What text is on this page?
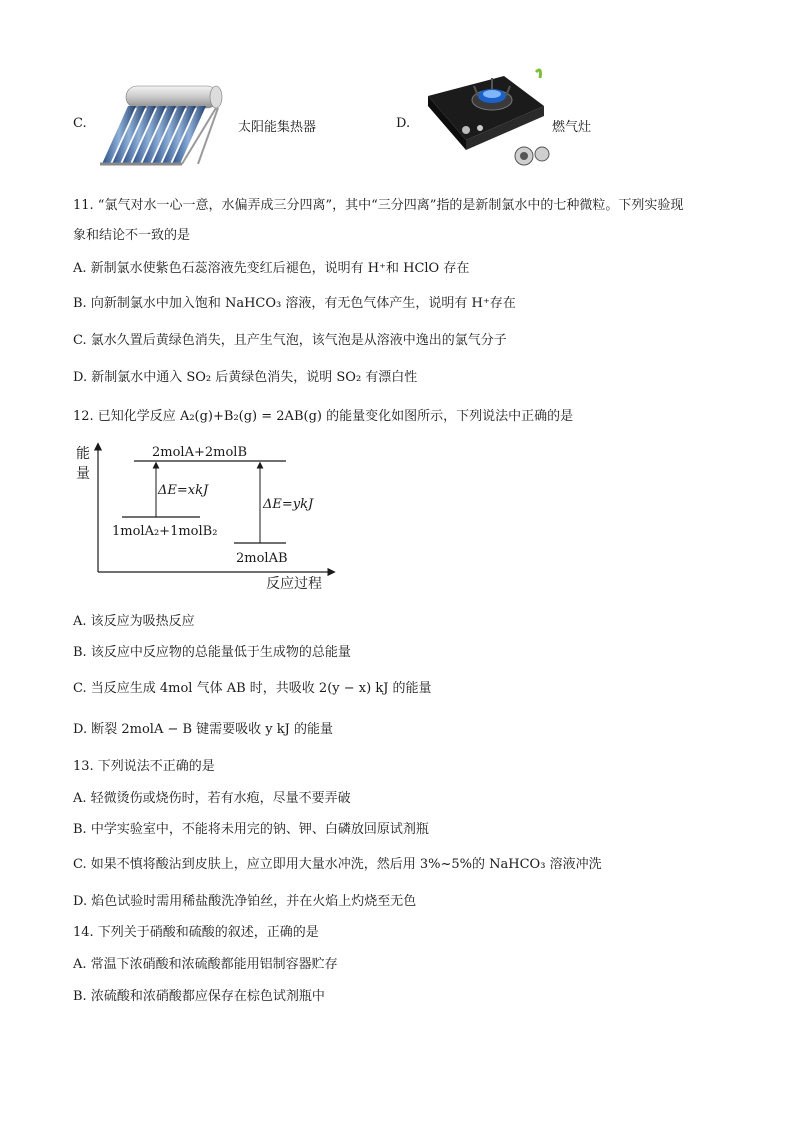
C.	太阳能集热器	D.	燃气灶
11. “氯气对水一心一意，水偏弄成三分四离”，其中“三分四离”指的是新制氯水中的七种微粒。下列实验现
象和结论不一致的是
A. 新制氯水使紫色石蕊溶液先变红后褪色，说明有 H⁺和 HClO 存在
B. 向新制氯水中加入饱和 NaHCO₃ 溶液，有无色气体产生，说明有 H⁺存在
C. 氯水久置后黄绿色消失，且产生气泡，该气泡是从溶液中逸出的氯气分子
D. 新制氯水中通入 SO₂ 后黄绿色消失，说明 SO₂ 有漂白性
12. 已知化学反应 A₂(g)+B₂(g) = 2AB(g) 的能量变化如图所示，下列说法中正确的是
能
量
反应过程
2molA+2molB
1molA₂+1molB₂
2molAB
ΔE=xkJ
ΔE=ykJ
A. 该反应为吸热反应
B. 该反应中反应物的总能量低于生成物的总能量
C. 当反应生成 4mol 气体 AB 时，共吸收 2(y − x) kJ 的能量
D. 断裂 2molA − B 键需要吸收 y kJ 的能量
13. 下列说法不正确的是
A. 轻微烫伤或烧伤时，若有水疱，尽量不要弄破
B. 中学实验室中，不能将未用完的钠、钾、白磷放回原试剂瓶
C. 如果不慎将酸沾到皮肤上，应立即用大量水冲洗，然后用 3%~5%的 NaHCO₃ 溶液冲洗
D. 焰色试验时需用稀盐酸洗净铂丝，并在火焰上灼烧至无色
14. 下列关于硝酸和硫酸的叙述，正确的是
A. 常温下浓硝酸和浓硫酸都能用铝制容器贮存
B. 浓硫酸和浓硝酸都应保存在棕色试剂瓶中
